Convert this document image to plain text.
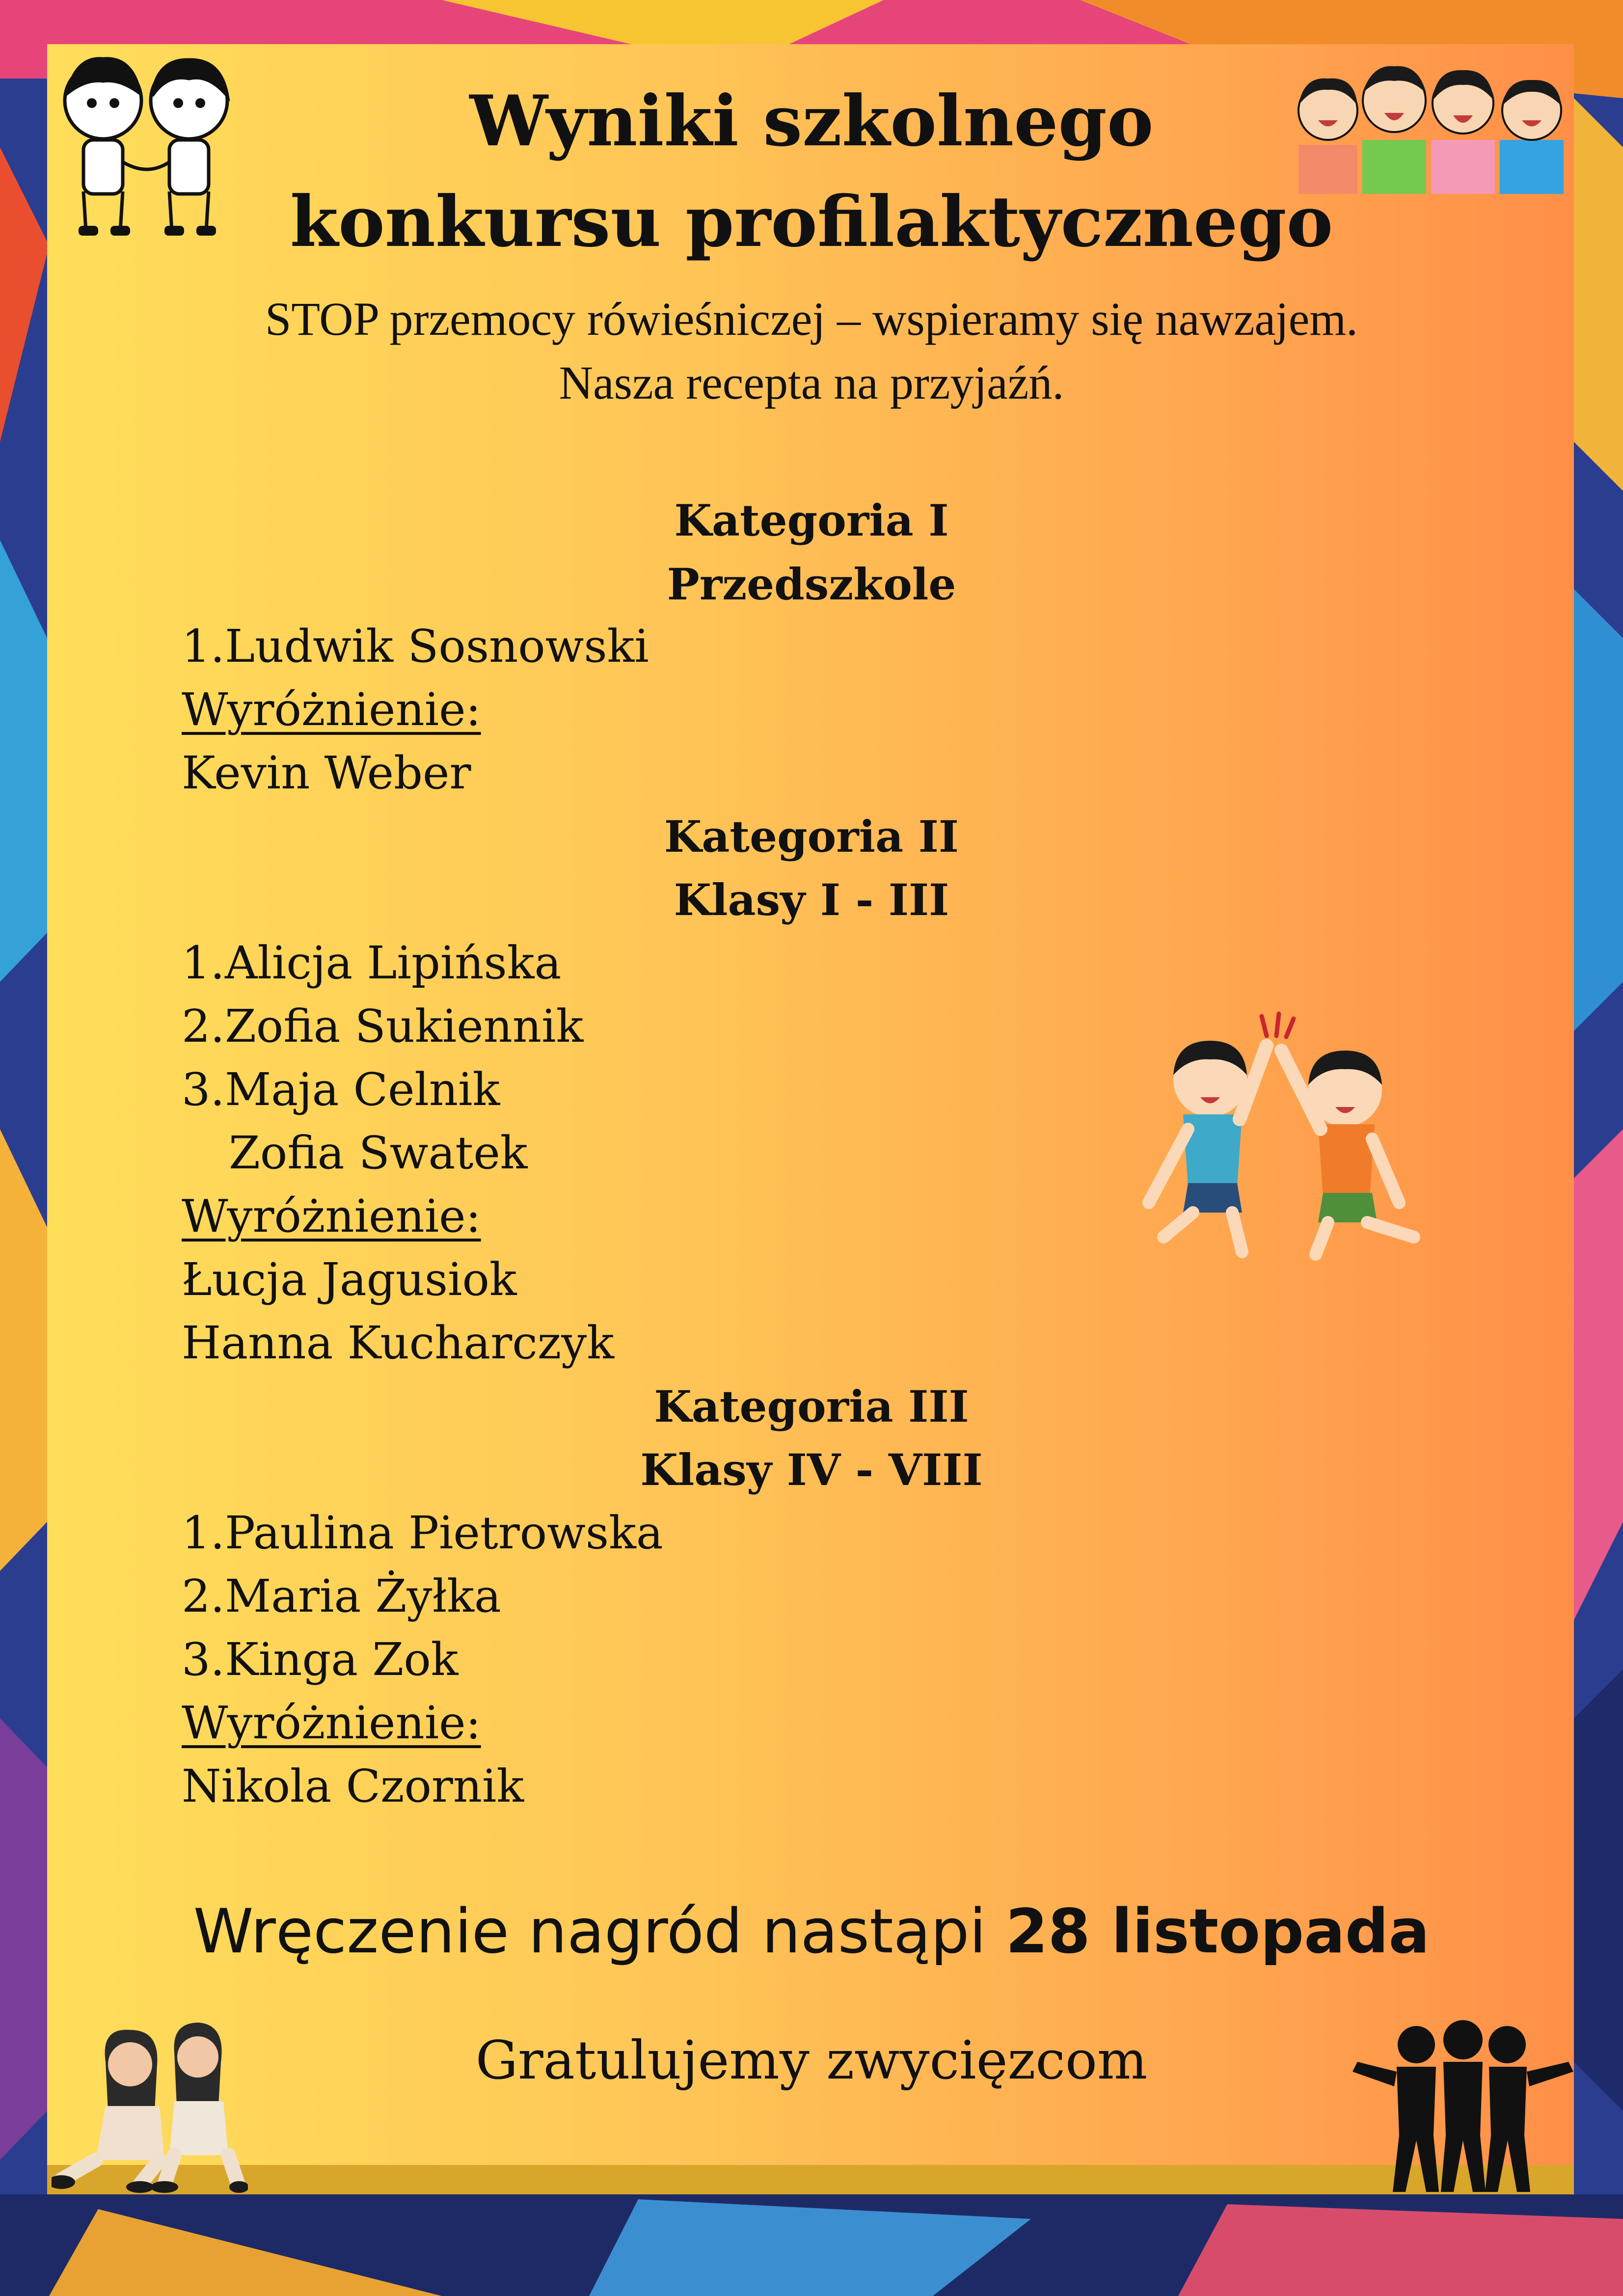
Wyniki szkolnego
konkursu profilaktycznego
STOP przemocy rówieśniczej – wspieramy się nawzajem.
Nasza recepta na przyjaźń.
Kategoria I
Przedszkole
1.Ludwik Sosnowski
Wyróżnienie:
Kevin Weber
Kategoria II
Klasy I - III
1.Alicja Lipińska
2.Zofia Sukiennik
3.Maja Celnik
Zofia Swatek
Wyróżnienie:
Łucja Jagusiok
Hanna Kucharczyk
Kategoria III
Klasy IV - VIII
1.Paulina Pietrowska
2.Maria Żyłka
3.Kinga Zok
Wyróżnienie:
Nikola Czornik
Wręczenie nagród nastąpi 28 listopada
Gratulujemy zwycięzcom
